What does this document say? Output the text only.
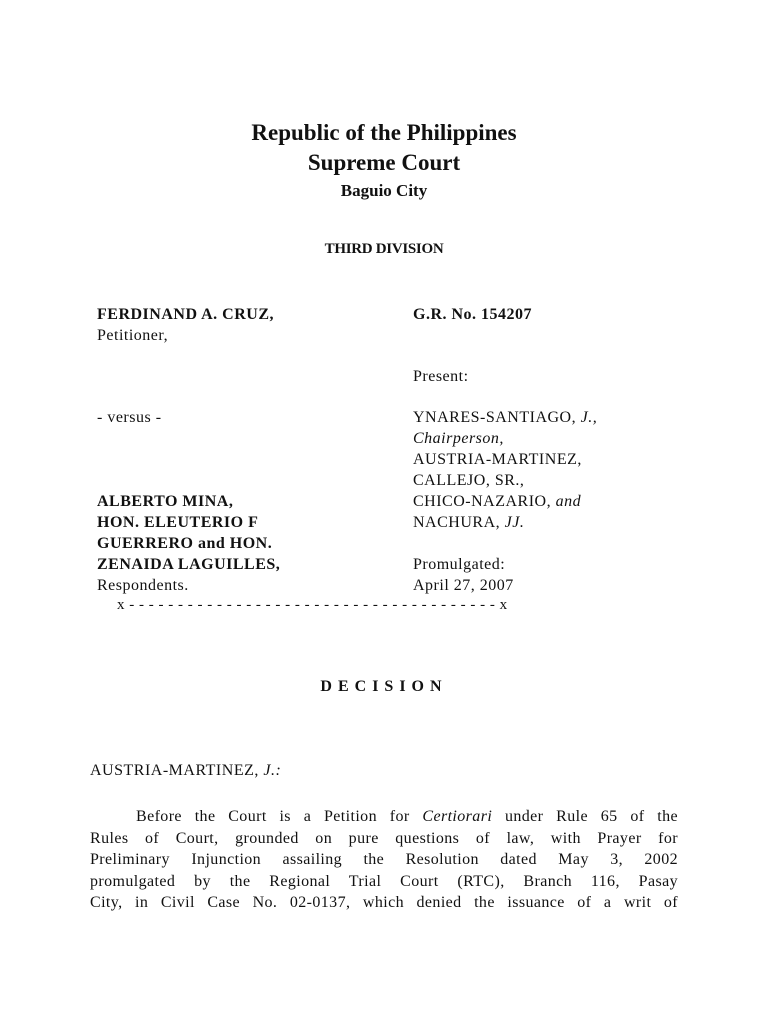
Republic of the Philippines
Supreme Court
Baguio City
THIRD DIVISION
FERDINAND A. CRUZ,
Petitioner,
- versus -
ALBERTO MINA,
HON. ELEUTERIO F
GUERRERO and HON.
ZENAIDA LAGUILLES,
Respondents.
G.R. No. 154207
Present:
YNARES-SANTIAGO, J.,
Chairperson,
AUSTRIA-MARTINEZ,
CALLEJO, SR.,
CHICO-NAZARIO, and
NACHURA, JJ.
Promulgated:
April 27, 2007
x - - - - - - - - - - - - - - - - - - - - - - - - - - - - - - - - - - - - - - x
DECISION
AUSTRIA-MARTINEZ, J.:
Before the Court is a Petition for Certiorari under Rule 65 of the
Rules of Court, grounded on pure questions of law, with Prayer for
Preliminary Injunction assailing the Resolution dated May 3, 2002
promulgated by the Regional Trial Court (RTC), Branch 116, Pasay
City, in Civil Case No. 02-0137, which denied the issuance of a writ of
